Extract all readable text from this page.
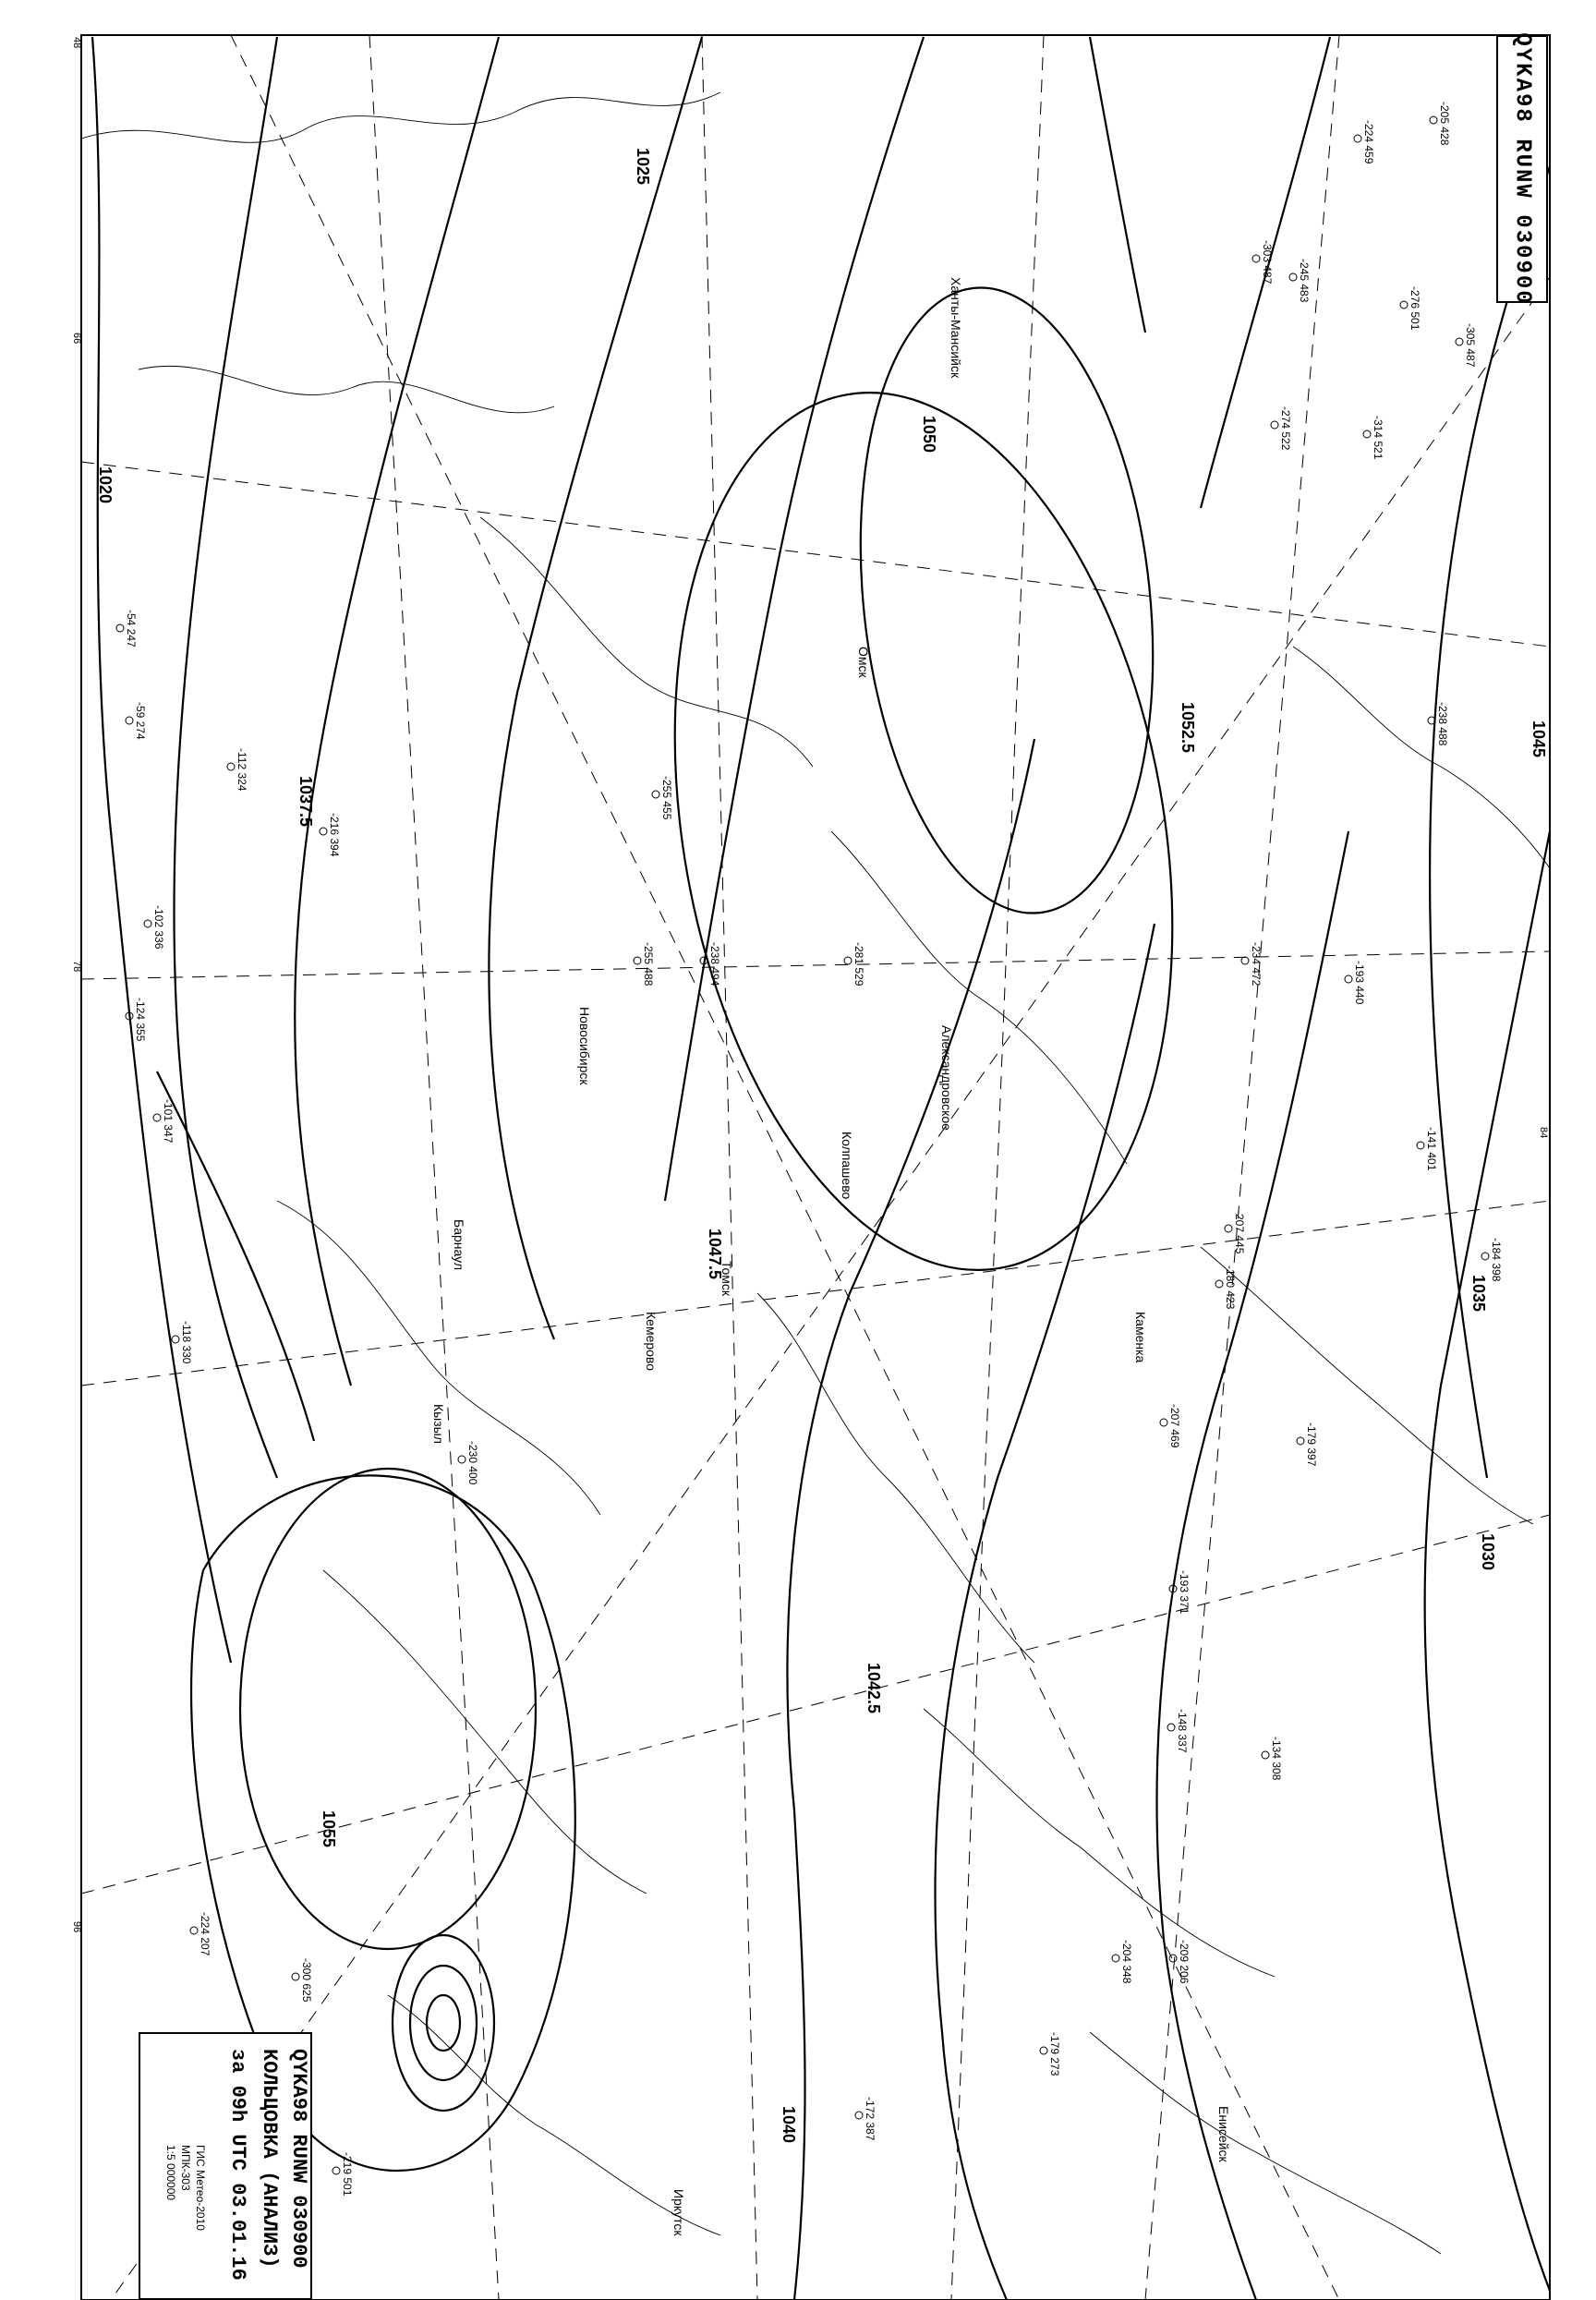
1020
1025
1030
1035
1037.5
1040
1042.5
1045
1047.5
1050
1052.5
1055
Томск
Колпашево
Александровское
Кемерово
Барнаул
Новосибирск
Каменка
Ханты-Мансийск
Омск
Енисейск
Иркутск
Кызыл
-205 428
-224 459
-303 487 -245 483
-276 501
-305 487
-314 521
-274 522
-238 488
-234 472	-193 440
-141 401
-184 398
-207 445
-180 423
-207 469	-179 397
-193 371
-148 337
-134 308
-204 348	-209 206
-179 273
-172 387
-300 625
-224 207
-219 501
-238 494
-230 400
-255 455
-255 488	-281 529
-216 394
-102 336
-124 355
-101 347
-118 330
-112 324
-59 274
-54 247
48
66
78
84
96
QYKA98 RUNW 030900
QYKA98 RUNW 030900
КОЛЬЦОВКА (АНАЛИЗ)
за 09h UTC 03.01.16
ГИС Метео-2010
МПК-303
1:5 000000
